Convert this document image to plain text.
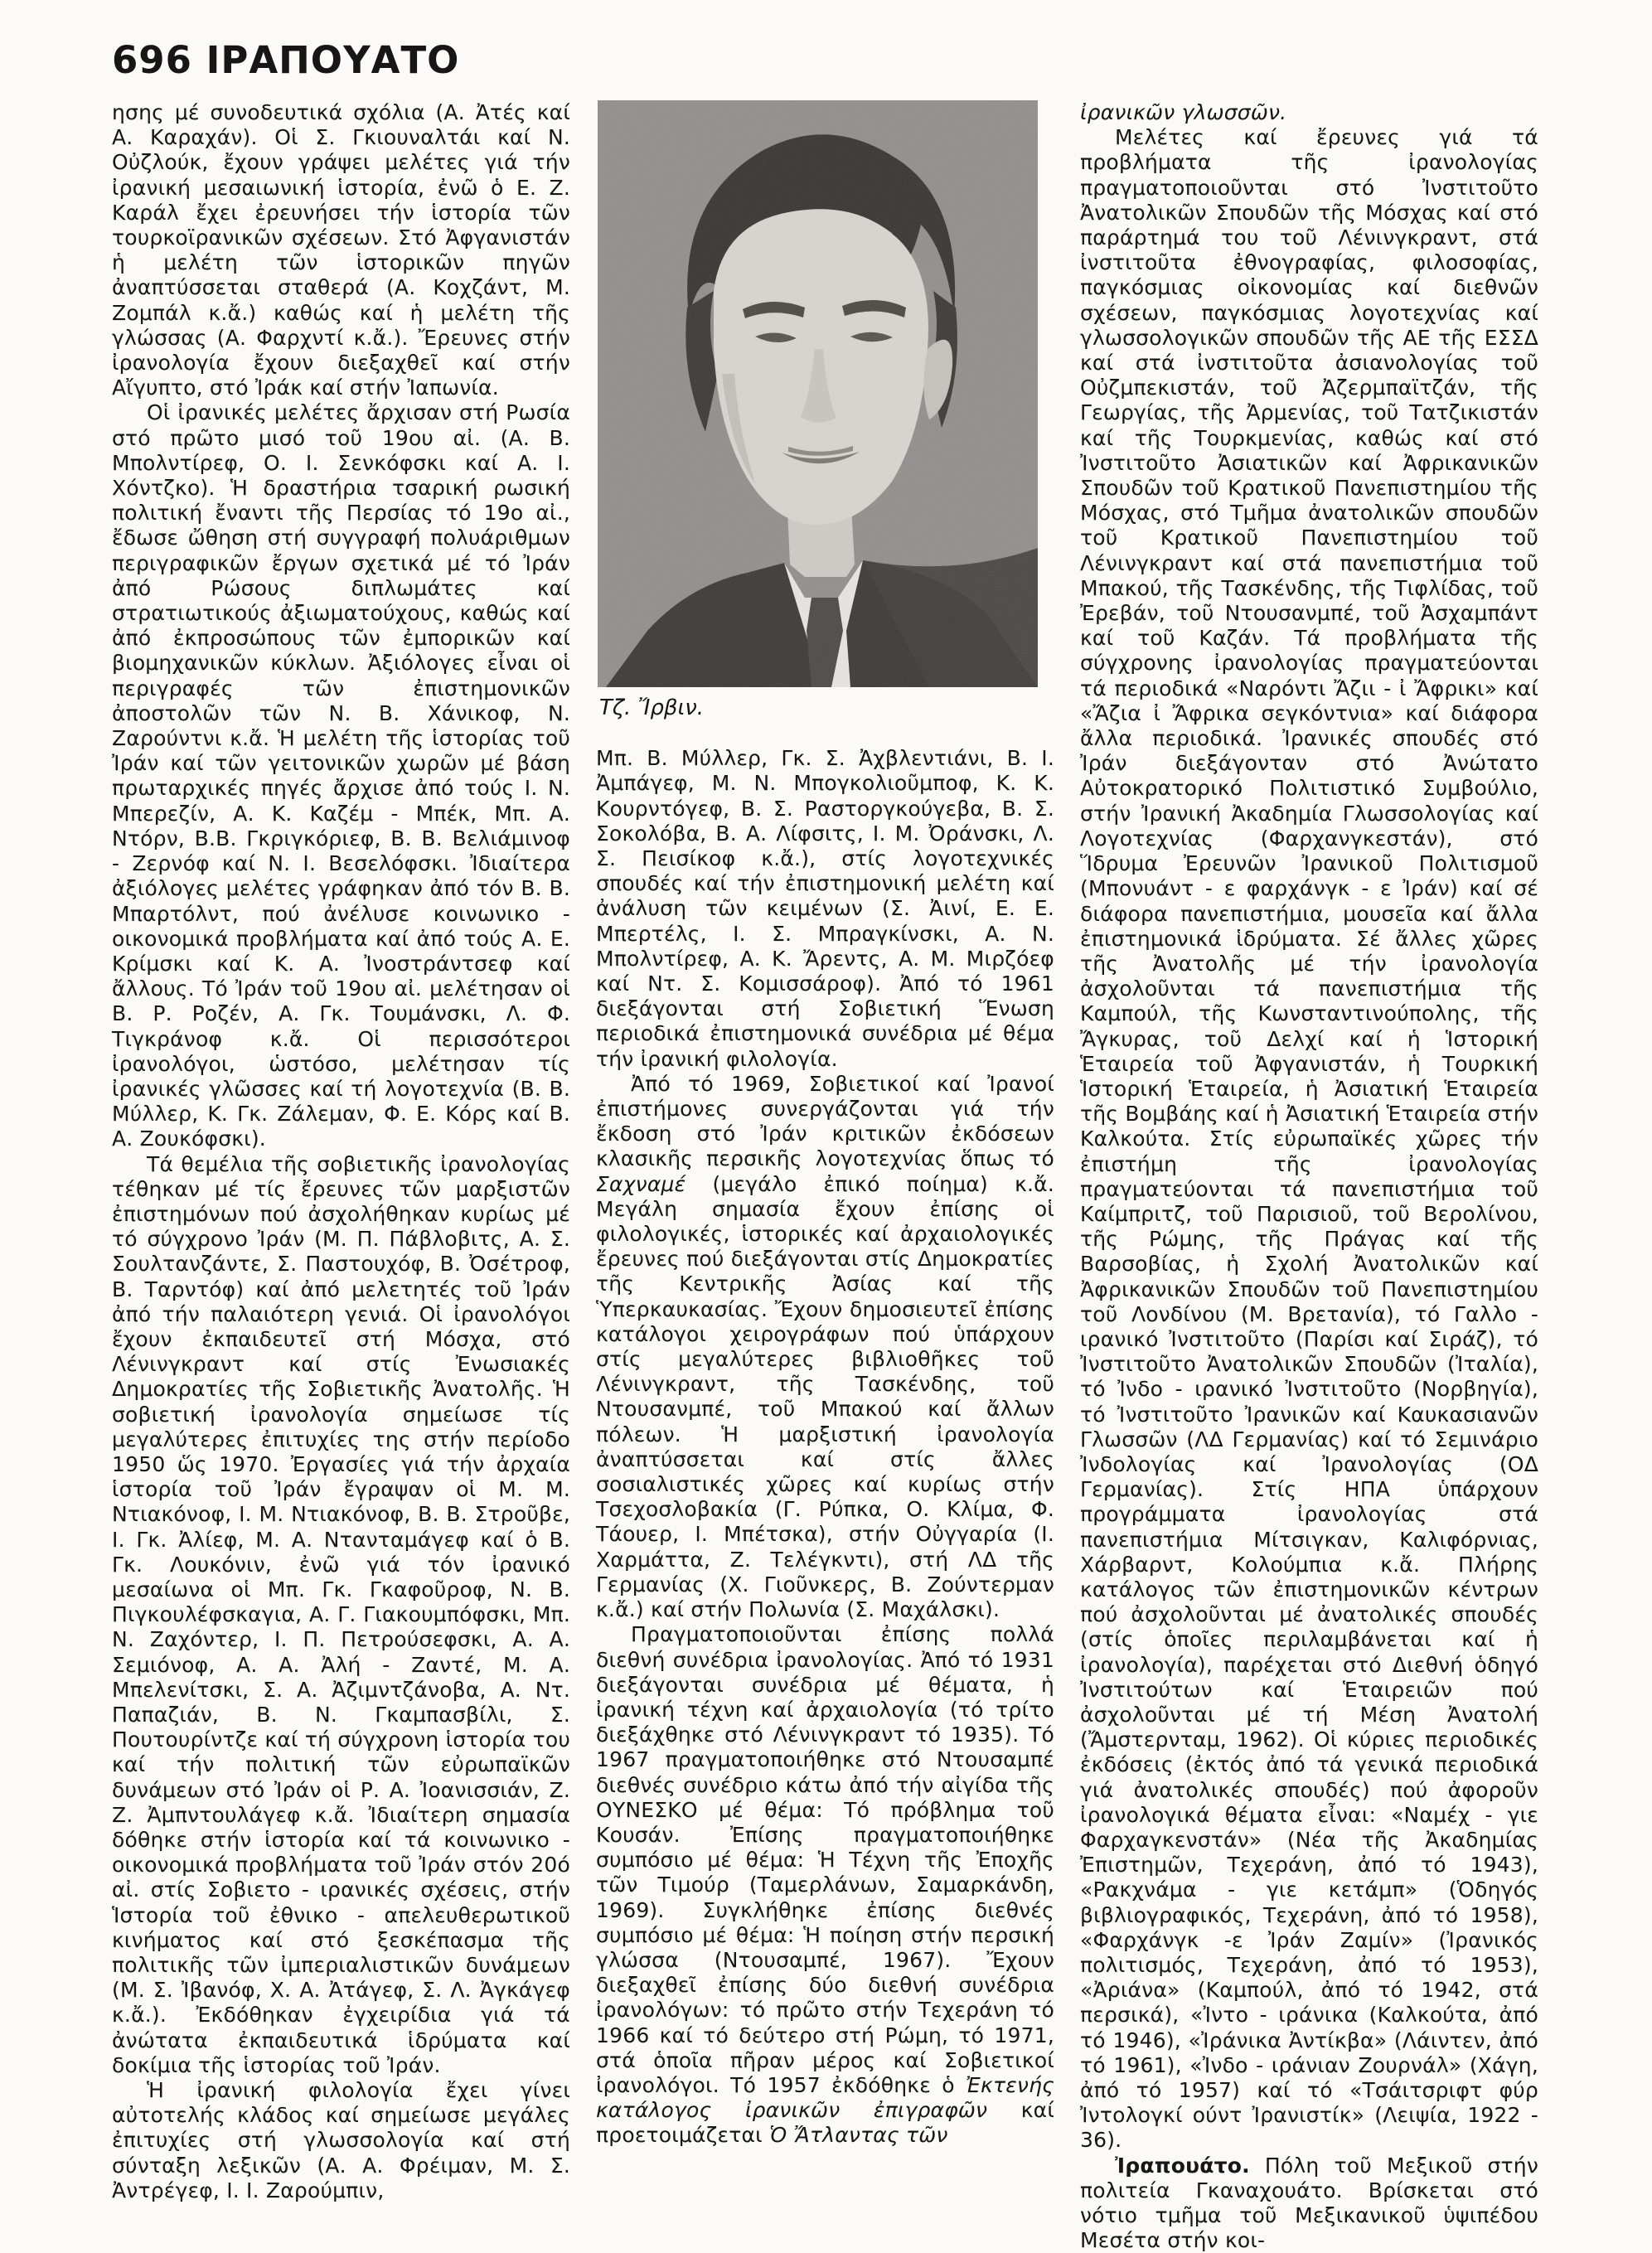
696 ΙΡΑΠΟΥΑΤΟ

ησης μέ συνοδευτικά σχόλια (Α. Ἀτές καί Α. Καραχάν). Οἱ Σ. Γκιουναλτάι καί Ν. Οὐζλούκ, ἔχουν γράψει μελέτες γιά τήν ἰρανική μεσαιωνική ἱστορία, ἐνῶ ὁ Ε. Ζ. Καράλ ἔχει ἐρευνήσει τήν ἱστορία τῶν τουρκοϊρανικῶν σχέσεων. Στό Ἀφγανιστάν ἡ μελέτη τῶν ἱστορικῶν πηγῶν ἀναπτύσσεται σταθερά (Α. Κοχζάντ, Μ. Ζομπάλ κ.ἄ.) καθώς καί ἡ μελέτη τῆς γλώσσας (Α. Φαρχντί κ.ἄ.). Ἔρευνες στήν ἰρανολογία ἔχουν διεξαχθεῖ καί στήν Αἴγυπτο, στό Ἰράκ καί στήν Ἰαπωνία.

Οἱ ἰρανικές μελέτες ἄρχισαν στή Ρωσία στό πρῶτο μισό τοῦ 19ου αἰ. (Α. Β. Μπολντίρεφ, Ο. Ι. Σενκόφσκι καί Α. Ι. Χόντζκο). Ἡ δραστήρια τσαρική ρωσική πολιτική ἔναντι τῆς Περσίας τό 19ο αἰ., ἔδωσε ὤθηση στή συγγραφή πολυάριθμων περιγραφικῶν ἔργων σχετικά μέ τό Ἰράν ἀπό Ρώσους διπλωμάτες καί στρατιωτικούς ἀξιωματούχους, καθώς καί ἀπό ἐκπροσώπους τῶν ἐμπορικῶν καί βιομηχανικῶν κύκλων. Ἀξιόλογες εἶναι οἱ περιγραφές τῶν ἐπιστημονικῶν ἀποστολῶν τῶν Ν. Β. Χάνικοφ, Ν. Ζαρούντνι κ.ἄ. Ἡ μελέτη τῆς ἱστορίας τοῦ Ἰράν καί τῶν γειτονικῶν χωρῶν μέ βάση πρωταρχικές πηγές ἄρχισε ἀπό τούς Ι. Ν. Μπερεζίν, Α. Κ. Καζέμ - Μπέκ, Μπ. Α. Ντόρν, Β.Β. Γκριγκόριεφ, Β. Β. Βελιάμινοφ - Ζερνόφ καί Ν. Ι. Βεσελόφσκι. Ἰδιαίτερα ἀξιόλογες μελέτες γράφηκαν ἀπό τόν Β. Β. Μπαρτόλντ, πού ἀνέλυσε κοινωνικο - οικονομικά προβλήματα καί ἀπό τούς Α. Ε. Κρίμσκι καί Κ. Α. Ἰνοστράντσεφ καί ἄλλους. Τό Ἰράν τοῦ 19ου αἰ. μελέτησαν οἱ Β. Ρ. Ροζέν, Α. Γκ. Τουμάνσκι, Λ. Φ. Τιγκράνοφ κ.ἄ. Οἱ περισσότεροι ἰρανολόγοι, ὡστόσο, μελέτησαν τίς ἰρανικές γλῶσσες καί τή λογοτεχνία (Β. Β. Μύλλερ, Κ. Γκ. Ζάλεμαν, Φ. Ε. Κόρς καί Β. Α. Ζουκόφσκι).

Τά θεμέλια τῆς σοβιετικῆς ἰρανολογίας τέθηκαν μέ τίς ἔρευνες τῶν μαρξιστῶν ἐπιστημόνων πού ἀσχολήθηκαν κυρίως μέ τό σύγχρονο Ἰράν (Μ. Π. Πάβλοβιτς, Α. Σ. Σουλτανζάντε, Σ. Παστουχόφ, Β. Ὀσέτροφ, Β. Ταρντόφ) καί ἀπό μελετητές τοῦ Ἰράν ἀπό τήν παλαιότερη γενιά. Οἱ ἰρανολόγοι ἔχουν ἐκπαιδευτεῖ στή Μόσχα, στό Λένινγκραντ καί στίς Ἐνωσιακές Δημοκρατίες τῆς Σοβιετικῆς Ἀνατολῆς. Ἡ σοβιετική ἰρανολογία σημείωσε τίς μεγαλύτερες ἐπιτυχίες της στήν περίοδο 1950 ὥς 1970. Ἐργασίες γιά τήν ἀρχαία ἱστορία τοῦ Ἰράν ἔγραψαν οἱ Μ. Μ. Ντιακόνοφ, Ι. Μ. Ντιακόνοφ, Β. Β. Στροῦβε, Ι. Γκ. Ἀλίεφ, Μ. Α. Ντανταμάγεφ καί ὁ Β. Γκ. Λουκόνιν, ἐνῶ γιά τόν ἰρανικό μεσαίωνα οἱ Μπ. Γκ. Γκαφοῦροφ, Ν. Β. Πιγκουλέφσκαγια, Α. Γ. Γιακουμπόφσκι, Μπ. Ν. Ζαχόντερ, Ι. Π. Πετρούσεφσκι, Α. Α. Σεμιόνοφ, Α. Α. Ἀλή - Ζαντέ, Μ. Α. Μπελενίτσκι, Σ. Α. Ἀζιμντζάνοβα, Α. Ντ. Παπαζιάν, Β. Ν. Γκαμπασβίλι, Σ. Πουτουρίντζε καί τή σύγχρονη ἱστορία του καί τήν πολιτική τῶν εὐρωπαϊκῶν δυνάμεων στό Ἰράν οἱ Ρ. Α. Ἰοανισσιάν, Ζ. Ζ. Ἀμπντουλάγεφ κ.ἄ. Ἰδιαίτερη σημασία δόθηκε στήν ἱστορία καί τά κοινωνικο - οικονομικά προβλήματα τοῦ Ἰράν στόν 20ό αἰ. στίς Σοβιετο - ιρανικές σχέσεις, στήν Ἱστορία τοῦ ἐθνικο - απελευθερωτικοῦ κινήματος καί στό ξεσκέπασμα τῆς πολιτικῆς τῶν ἰμπεριαλιστικῶν δυνάμεων (Μ. Σ. Ἰβανόφ, Χ. Α. Ἀτάγεφ, Σ. Λ. Ἀγκάγεφ κ.ἄ.). Ἐκδόθηκαν ἐγχειρίδια γιά τά ἀνώτατα ἐκπαιδευτικά ἱδρύματα καί δοκίμια τῆς ἱστορίας τοῦ Ἰράν.

Ἡ ἰρανική φιλολογία ἔχει γίνει αὐτοτελής κλάδος καί σημείωσε μεγάλες ἐπιτυχίες στή γλωσσολογία καί στή σύνταξη λεξικῶν (Α. Α. Φρέιμαν, Μ. Σ. Ἀντρέγεφ, Ι. Ι. Ζαρούμπιν,

Τζ. Ἴρβιν.

Μπ. Β. Μύλλερ, Γκ. Σ. Ἀχβλεντιάνι, Β. Ι. Ἀμπάγεφ, Μ. Ν. Μπογκολιοῦμποφ, Κ. Κ. Κουρντόγεφ, Β. Σ. Ραστοργκούγεβα, Β. Σ. Σοκολόβα, Β. Α. Λίφσιτς, Ι. Μ. Ὀράνσκι, Λ. Σ. Πεισίκοφ κ.ἄ.), στίς λογοτεχνικές σπουδές καί τήν ἐπιστημονική μελέτη καί ἀνάλυση τῶν κειμένων (Σ. Ἀινί, Ε. Ε. Μπερτέλς, Ι. Σ. Μπραγκίνσκι, Α. Ν. Μπολντίρεφ, Α. Κ. Ἄρεντς, Α. Μ. Μιρζόεφ καί Ντ. Σ. Κομισσάροφ). Ἀπό τό 1961 διεξάγονται στή Σοβιετική Ἕνωση περιοδικά ἐπιστημονικά συνέδρια μέ θέμα τήν ἰρανική φιλολογία.

Ἀπό τό 1969, Σοβιετικοί καί Ἰρανοί ἐπιστήμονες συνεργάζονται γιά τήν ἔκδοση στό Ἰράν κριτικῶν ἐκδόσεων κλασικῆς περσικῆς λογοτεχνίας ὅπως τό Σαχναμέ (μεγάλο ἐπικό ποίημα) κ.ἄ. Μεγάλη σημασία ἔχουν ἐπίσης οἱ φιλολογικές, ἱστορικές καί ἀρχαιολογικές ἔρευνες πού διεξάγονται στίς Δημοκρατίες τῆς Κεντρικῆς Ἀσίας καί τῆς Ὑπερκαυκασίας. Ἔχουν δημοσιευτεῖ ἐπίσης κατάλογοι χειρογράφων πού ὑπάρχουν στίς μεγαλύτερες βιβλιοθῆκες τοῦ Λένινγκραντ, τῆς Τασκένδης, τοῦ Ντουσανμπέ, τοῦ Μπακού καί ἄλλων πόλεων. Ἡ μαρξιστική ἰρανολογία ἀναπτύσσεται καί στίς ἄλλες σοσιαλιστικές χῶρες καί κυρίως στήν Τσεχοσλοβακία (Γ. Ρύπκα, Ο. Κλίμα, Φ. Τάουερ, Ι. Μπέτσκα), στήν Οὐγγαρία (Ι. Χαρμάττα, Ζ. Τελέγκντι), στή ΛΔ τῆς Γερμανίας (Χ. Γιοῦνκερς, Β. Ζούντερμαν κ.ἄ.) καί στήν Πολωνία (Σ. Μαχάλσκι).

Πραγματοποιοῦνται ἐπίσης πολλά διεθνή συνέδρια ἰρανολογίας. Ἀπό τό 1931 διεξάγονται συνέδρια μέ θέματα, ἡ ἰρανική τέχνη καί ἀρχαιολογία (τό τρίτο διεξάχθηκε στό Λένινγκραντ τό 1935). Τό 1967 πραγματοποιήθηκε στό Ντουσαμπέ διεθνές συνέδριο κάτω ἀπό τήν αἰγίδα τῆς ΟΥΝΕΣΚΟ μέ θέμα: Τό πρόβλημα τοῦ Κουσάν. Ἐπίσης πραγματοποιήθηκε συμπόσιο μέ θέμα: Ἡ Τέχνη τῆς Ἐποχῆς τῶν Τιμούρ (Ταμερλάνων, Σαμαρκάνδη, 1969). Συγκλήθηκε ἐπίσης διεθνές συμπόσιο μέ θέμα: Ἡ ποίηση στήν περσική γλώσσα (Ντουσαμπέ, 1967). Ἔχουν διεξαχθεῖ ἐπίσης δύο διεθνή συνέδρια ἰρανολόγων: τό πρῶτο στήν Τεχεράνη τό 1966 καί τό δεύτερο στή Ρώμη, τό 1971, στά ὁποῖα πῆραν μέρος καί Σοβιετικοί ἰρανολόγοι. Τό 1957 ἐκδόθηκε ὁ Ἐκτενής κατάλογος ἰρανικῶν ἐπιγραφῶν καί προετοιμάζεται Ὁ Ἄτλαντας τῶν

ἰρανικῶν γλωσσῶν.

Μελέτες καί ἔρευνες γιά τά προβλήματα τῆς ἰρανολογίας πραγματοποιοῦνται στό Ἰνστιτοῦτο Ἀνατολικῶν Σπουδῶν τῆς Μόσχας καί στό παράρτημά του τοῦ Λένινγκραντ, στά ἰνστιτοῦτα ἐθνογραφίας, φιλοσοφίας, παγκόσμιας οἰκονομίας καί διεθνῶν σχέσεων, παγκόσμιας λογοτεχνίας καί γλωσσολογικῶν σπουδῶν τῆς ΑΕ τῆς ΕΣΣΔ καί στά ἰνστιτοῦτα ἀσιανολογίας τοῦ Οὐζμπεκιστάν, τοῦ Ἀζερμπαϊτζάν, τῆς Γεωργίας, τῆς Ἀρμενίας, τοῦ Τατζικιστάν καί τῆς Τουρκμενίας, καθώς καί στό Ἰνστιτοῦτο Ἀσιατικῶν καί Ἀφρικανικῶν Σπουδῶν τοῦ Κρατικοῦ Πανεπιστημίου τῆς Μόσχας, στό Τμῆμα ἀνατολικῶν σπουδῶν τοῦ Κρατικοῦ Πανεπιστημίου τοῦ Λένινγκραντ καί στά πανεπιστήμια τοῦ Μπακού, τῆς Τασκένδης, τῆς Τιφλίδας, τοῦ Ἐρεβάν, τοῦ Ντουσανμπέ, τοῦ Ἀσχαμπάντ καί τοῦ Καζάν. Τά προβλήματα τῆς σύγχρονης ἰρανολογίας πραγματεύονται τά περιοδικά «Ναρόντι Ἄζιι - ἰ Ἄφρικι» καί «Ἄζια ἰ Ἄφρικα σεγκόντνια» καί διάφορα ἄλλα περιοδικά. Ἰρανικές σπουδές στό Ἰράν διεξάγονταν στό Ἀνώτατο Αὐτοκρατορικό Πολιτιστικό Συμβούλιο, στήν Ἰρανική Ἀκαδημία Γλωσσολογίας καί Λογοτεχνίας (Φαρχανγκεστάν), στό Ἵδρυμα Ἐρευνῶν Ἰρανικοῦ Πολιτισμοῦ (Μπονυάντ - ε φαρχάνγκ - ε Ἰράν) καί σέ διάφορα πανεπιστήμια, μουσεῖα καί ἄλλα ἐπιστημονικά ἱδρύματα. Σέ ἄλλες χῶρες τῆς Ἀνατολῆς μέ τήν ἰρανολογία ἀσχολοῦνται τά πανεπιστήμια τῆς Καμπούλ, τῆς Κωνσταντινούπολης, τῆς Ἄγκυρας, τοῦ Δελχί καί ἡ Ἱστορική Ἑταιρεία τοῦ Ἀφγανιστάν, ἡ Τουρκική Ἱστορική Ἑταιρεία, ἡ Ἀσιατική Ἑταιρεία τῆς Βομβάης καί ἡ Ἀσιατική Ἑταιρεία στήν Καλκούτα. Στίς εὐρωπαϊκές χῶρες τήν ἐπιστήμη τῆς ἰρανολογίας πραγματεύονται τά πανεπιστήμια τοῦ Καίμπριτζ, τοῦ Παρισιοῦ, τοῦ Βερολίνου, τῆς Ρώμης, τῆς Πράγας καί τῆς Βαρσοβίας, ἡ Σχολή Ἀνατολικῶν καί Ἀφρικανικῶν Σπουδῶν τοῦ Πανεπιστημίου τοῦ Λονδίνου (Μ. Βρετανία), τό Γαλλο - ιρανικό Ἰνστιτοῦτο (Παρίσι καί Σιράζ), τό Ἰνστιτοῦτο Ἀνατολικῶν Σπουδῶν (Ἰταλία), τό Ἰνδο - ιρανικό Ἰνστιτοῦτο (Νορβηγία), τό Ἰνστιτοῦτο Ἰρανικῶν καί Καυκασιανῶν Γλωσσῶν (ΛΔ Γερμανίας) καί τό Σεμινάριο Ἰνδολογίας καί Ἰρανολογίας (ΟΔ Γερμανίας). Στίς ΗΠΑ ὑπάρχουν προγράμματα ἰρανολογίας στά πανεπιστήμια Μίτσιγκαν, Καλιφόρνιας, Χάρβαρντ, Κολούμπια κ.ἄ. Πλήρης κατάλογος τῶν ἐπιστημονικῶν κέντρων πού ἀσχολοῦνται μέ ἀνατολικές σπουδές (στίς ὁποῖες περιλαμβάνεται καί ἡ ἰρανολογία), παρέχεται στό Διεθνή ὁδηγό Ἰνστιτούτων καί Ἑταιρειῶν πού ἀσχολοῦνται μέ τή Μέση Ἀνατολή (Ἄμστερνταμ, 1962). Οἱ κύριες περιοδικές ἐκδόσεις (ἐκτός ἀπό τά γενικά περιοδικά γιά ἀνατολικές σπουδές) πού ἀφοροῦν ἰρανολογικά θέματα εἶναι: «Ναμέχ - γιε Φαρχαγκενστάν» (Νέα τῆς Ἀκαδημίας Ἐπιστημῶν, Τεχεράνη, ἀπό τό 1943), «Ρακχνάμα - γιε κετάμπ» (Ὁδηγός βιβλιογραφικός, Τεχεράνη, ἀπό τό 1958), «Φαρχάνγκ -ε Ἰράν Ζαμίν» (Ἰρανικός πολιτισμός, Τεχεράνη, ἀπό τό 1953), «Ἀριάνα» (Καμπούλ, ἀπό τό 1942, στά περσικά), «Ἰντο - ιράνικα (Καλκούτα, ἀπό τό 1946), «Ἰράνικα Ἀντίκβα» (Λάιντεν, ἀπό τό 1961), «Ἰνδο - ιράνιαν Ζουρνάλ» (Χάγη, ἀπό τό 1957) καί τό «Τσάιτσριφτ φύρ Ἰντολογκί ούντ Ἰρανιστίκ» (Λειψία, 1922 - 36).

Ἰραπουάτο. Πόλη τοῦ Μεξικοῦ στήν πολιτεία Γκαναχουάτο. Βρίσκεται στό νότιο τμῆμα τοῦ Μεξικανικοῦ ὑψιπέδου Μεσέτα στήν κοι-
